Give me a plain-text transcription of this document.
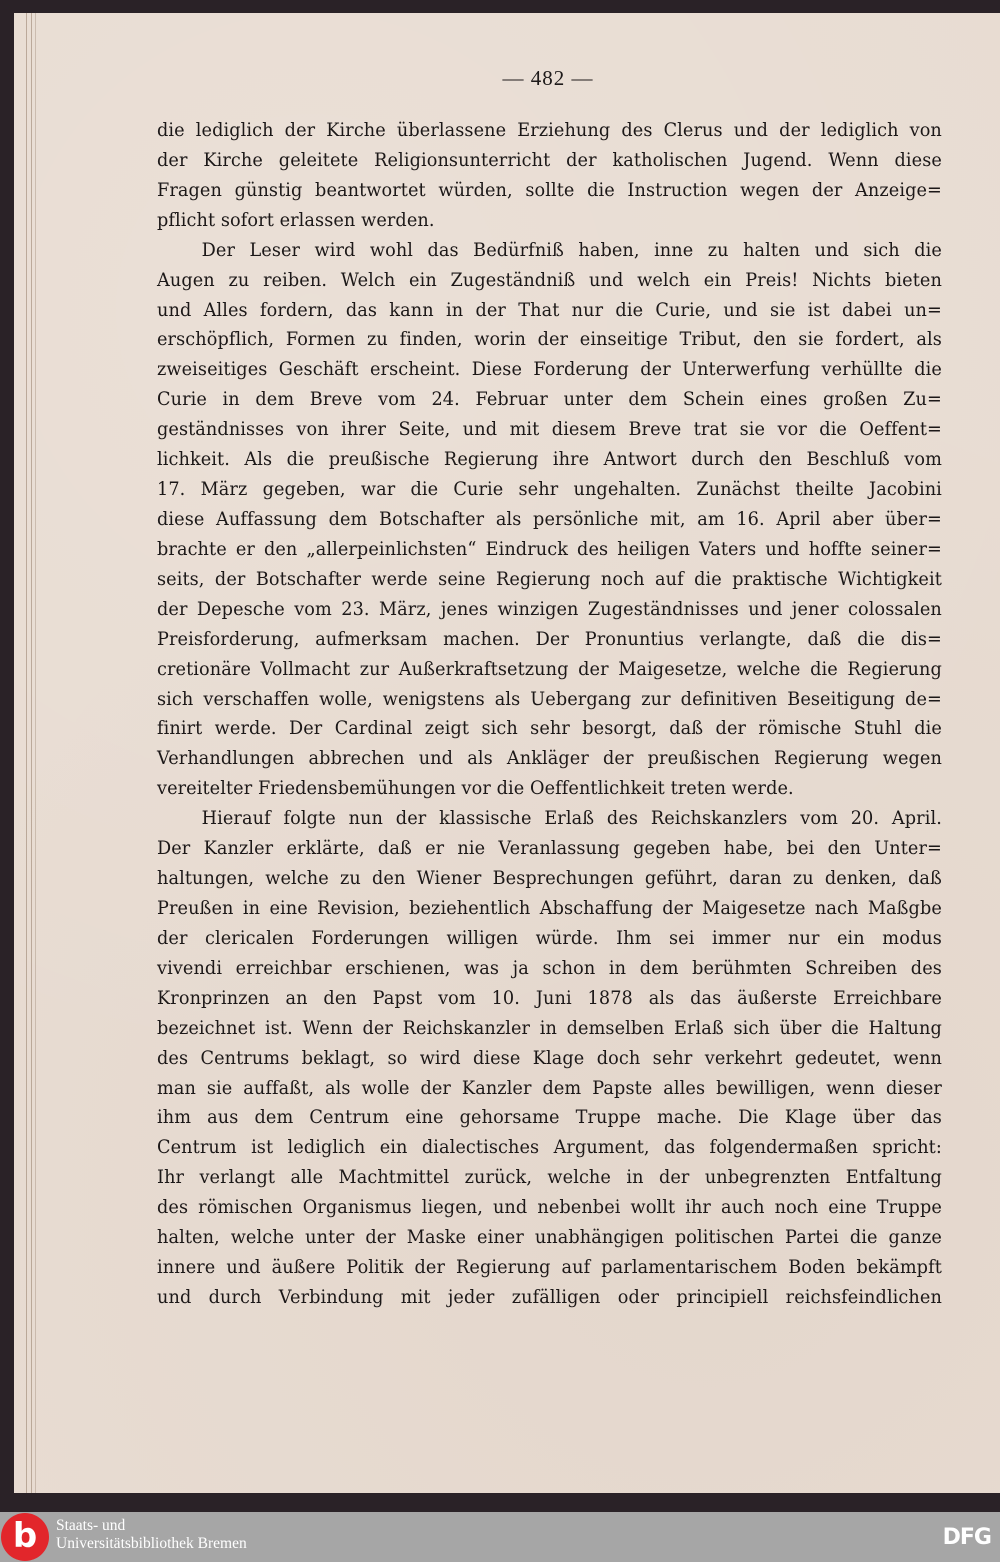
— 482 —
die lediglich der Kirche überlassene Erziehung des Clerus und der lediglich von
der Kirche geleitete Religionsunterricht der katholischen Jugend. Wenn diese
Fragen günstig beantwortet würden, sollte die Instruction wegen der Anzeige=
pflicht sofort erlassen werden.
Der Leser wird wohl das Bedürfniß haben, inne zu halten und sich die
Augen zu reiben. Welch ein Zugeständniß und welch ein Preis! Nichts bieten
und Alles fordern, das kann in der That nur die Curie, und sie ist dabei un=
erschöpflich, Formen zu finden, worin der einseitige Tribut, den sie fordert, als
zweiseitiges Geschäft erscheint. Diese Forderung der Unterwerfung verhüllte die
Curie in dem Breve vom 24. Februar unter dem Schein eines großen Zu=
geständnisses von ihrer Seite, und mit diesem Breve trat sie vor die Oeffent=
lichkeit. Als die preußische Regierung ihre Antwort durch den Beschluß vom
17. März gegeben, war die Curie sehr ungehalten. Zunächst theilte Jacobini
diese Auffassung dem Botschafter als persönliche mit, am 16. April aber über=
brachte er den „allerpeinlichsten“ Eindruck des heiligen Vaters und hoffte seiner=
seits, der Botschafter werde seine Regierung noch auf die praktische Wichtigkeit
der Depesche vom 23. März, jenes winzigen Zugeständnisses und jener colossalen
Preisforderung, aufmerksam machen. Der Pronuntius verlangte, daß die dis=
cretionäre Vollmacht zur Außerkraftsetzung der Maigesetze, welche die Regierung
sich verschaffen wolle, wenigstens als Uebergang zur definitiven Beseitigung de=
finirt werde. Der Cardinal zeigt sich sehr besorgt, daß der römische Stuhl die
Verhandlungen abbrechen und als Ankläger der preußischen Regierung wegen
vereitelter Friedensbemühungen vor die Oeffentlichkeit treten werde.
Hierauf folgte nun der klassische Erlaß des Reichskanzlers vom 20. April.
Der Kanzler erklärte, daß er nie Veranlassung gegeben habe, bei den Unter=
haltungen, welche zu den Wiener Besprechungen geführt, daran zu denken, daß
Preußen in eine Revision, beziehentlich Abschaffung der Maigesetze nach Maßgbe
der clericalen Forderungen willigen würde. Ihm sei immer nur ein modus
vivendi erreichbar erschienen, was ja schon in dem berühmten Schreiben des
Kronprinzen an den Papst vom 10. Juni 1878 als das äußerste Erreichbare
bezeichnet ist. Wenn der Reichskanzler in demselben Erlaß sich über die Haltung
des Centrums beklagt, so wird diese Klage doch sehr verkehrt gedeutet, wenn
man sie auffaßt, als wolle der Kanzler dem Papste alles bewilligen, wenn dieser
ihm aus dem Centrum eine gehorsame Truppe mache. Die Klage über das
Centrum ist lediglich ein dialectisches Argument, das folgendermaßen spricht:
Ihr verlangt alle Machtmittel zurück, welche in der unbegrenzten Entfaltung
des römischen Organismus liegen, und nebenbei wollt ihr auch noch eine Truppe
halten, welche unter der Maske einer unabhängigen politischen Partei die ganze
innere und äußere Politik der Regierung auf parlamentarischem Boden bekämpft
und durch Verbindung mit jeder zufälligen oder principiell reichsfeindlichen
b	Staats- und
Universitätsbibliothek Bremen	DFG
